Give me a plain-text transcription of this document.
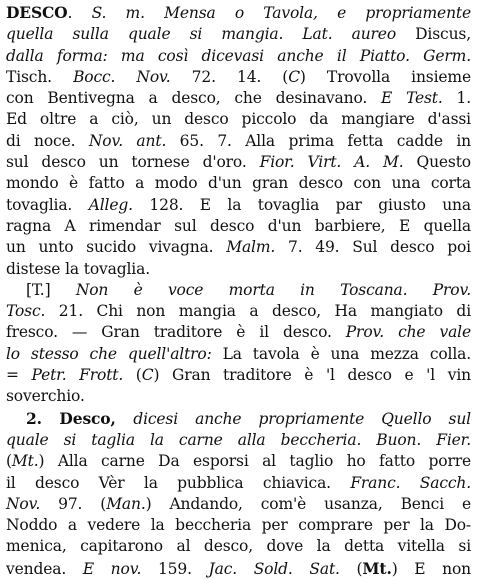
DESCO. S. m. Mensa o Tavola, e propriamente
quella sulla quale si mangia. Lat. aureo Discus,
dalla forma: ma così dicevasi anche il Piatto. Germ.
Tisch. Bocc. Nov. 72. 14. (C) Trovolla insieme
con Bentivegna a desco, che desinavano. E Test. 1.
Ed oltre a ciò, un desco piccolo da mangiare d'assi
di noce. Nov. ant. 65. 7. Alla prima fetta cadde in
sul desco un tornese d'oro. Fior. Virt. A. M. Questo
mondo è fatto a modo d'un gran desco con una corta
tovaglia. Alleg. 128. E la tovaglia par giusto una
ragna A rimendar sul desco d'un barbiere, E quella
un unto sucido vivagna. Malm. 7. 49. Sul desco poi
distese la tovaglia.
[T.] Non è voce morta in Toscana. Prov.
Tosc. 21. Chi non mangia a desco, Ha mangiato di
fresco. — Gran traditore è il desco. Prov. che vale
lo stesso che quell'altro: La tavola è una mezza colla.
= Petr. Frott. (C) Gran traditore è 'l desco e 'l vin
soverchio.
2. Desco, dicesi anche propriamente Quello sul
quale si taglia la carne alla beccheria. Buon. Fier.
(Mt.) Alla carne Da esporsi al taglio ho fatto porre
il desco Vèr la pubblica chiavica. Franc. Sacch.
Nov. 97. (Man.) Andando, com'è usanza, Benci e
Noddo a vedere la beccheria per comprare per la Do-
menica, capitarono al desco, dove la detta vitella si
vendea. E nov. 159. Jac. Sold. Sat. (Mt.) E non
